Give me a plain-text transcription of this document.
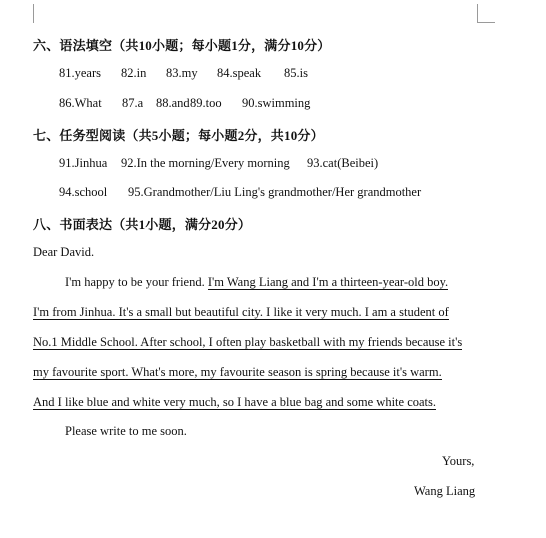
六、语法填空（共10小题；每小题1分，满分10分）
81.years 82.in 83.my 84.speak 85.is
86.What 87.a 88.and89.too 90.swimming
七、任务型阅读（共5小题；每小题2分，共10分）
91.Jinhua 92.In the morning/Every morning 93.cat(Beibei)
94.school 95.Grandmother/Liu Ling's grandmother/Her grandmother
八、书面表达（共1小题，满分20分）
Dear David.
I'm happy to be your friend. I'm Wang Liang and I'm a thirteen-year-old boy.
I'm from Jinhua. It's a small but beautiful city. I like it very much. I am a student of
No.1 Middle School. After school, I often play basketball with my friends because it's
my favourite sport. What's more, my favourite season is spring because it's warm.
And I like blue and white very much, so I have a blue bag and some white coats.
Please write to me soon.
Yours,
Wang Liang
